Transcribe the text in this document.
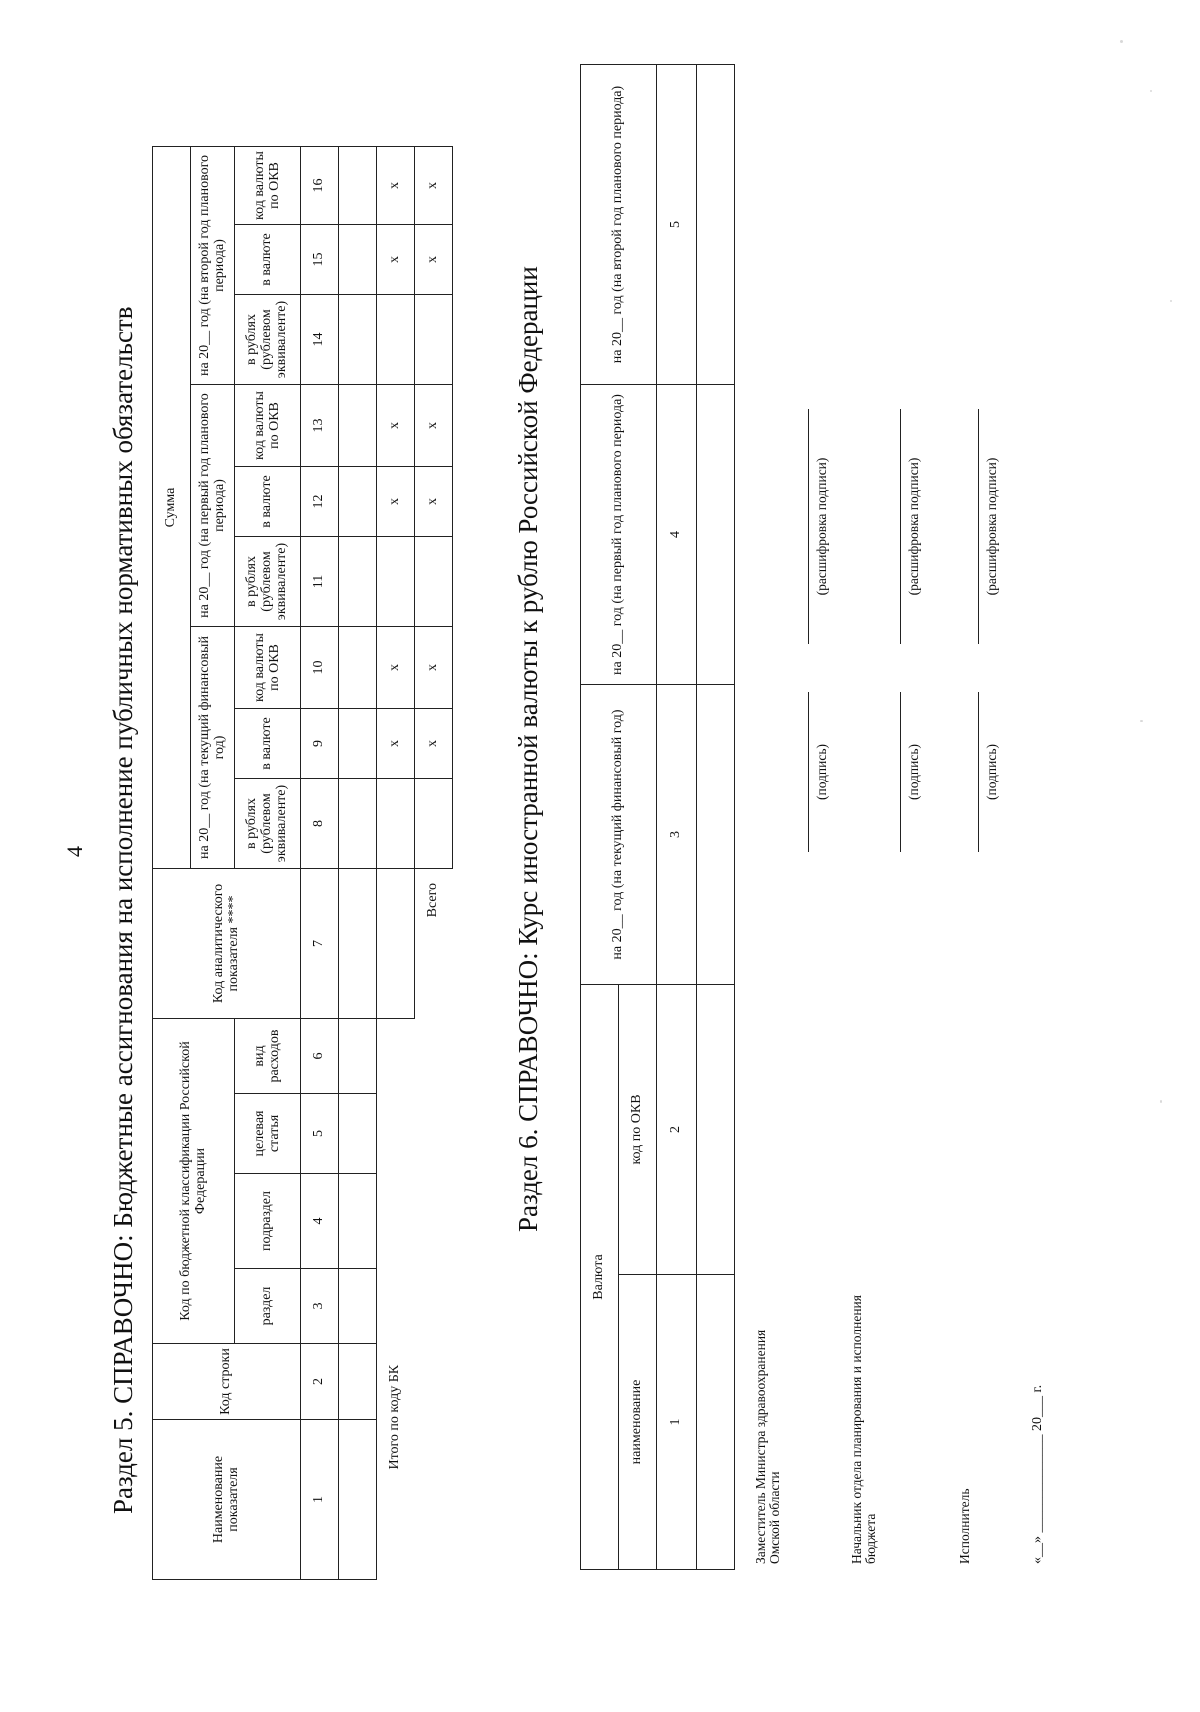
4 Раздел 5. СПРАВОЧНО: Бюджетные ассигнования на исполнение публичных нормативных обязательств	Наименование показателя	Код строки	Код по бюджетной классификации Российской Федерации				Код аналитического показателя ****	Сумма								
							на 20__ год (на текущий финансовый год)			на 20__ год (на первый год планового периода)			на 20__ год (на второй год планового периода)		
		раздел	подраздел	целевая статья	вид расходов		в рублях (рублевом эквиваленте)	в валюте	код валюты по ОКВ	в рублях (рублевом эквиваленте)	в валюте	код валюты по ОКВ	в рублях (рублевом эквиваленте)	в валюте	код валюты по ОКВ
1	2	3	4	5	6	7	8	9	10	11	12	13	14	15	16

Итого по коду БК								x	x		x	x		x	x
Всего								x	x		x	x		x	x
Раздел 6. СПРАВОЧНО: Курс иностранной валюты к рублю Российской Федерации
Валюта		на 20__ год (на текущий финансовый год)	на 20__ год (на первый год планового периода)	на 20__ год (на второй год планового периода)
наименование	код по ОКВ			
1	2	3	4	5

Заместитель Министра здравоохранения Омской области
(подпись)
(расшифровка подписи)
Начальник отдела планирования и исполнения бюджета
(подпись)
(расшифровка подписи)
Исполнитель
(подпись)
(расшифровка подписи)
«__» ______________ 20___ г.
